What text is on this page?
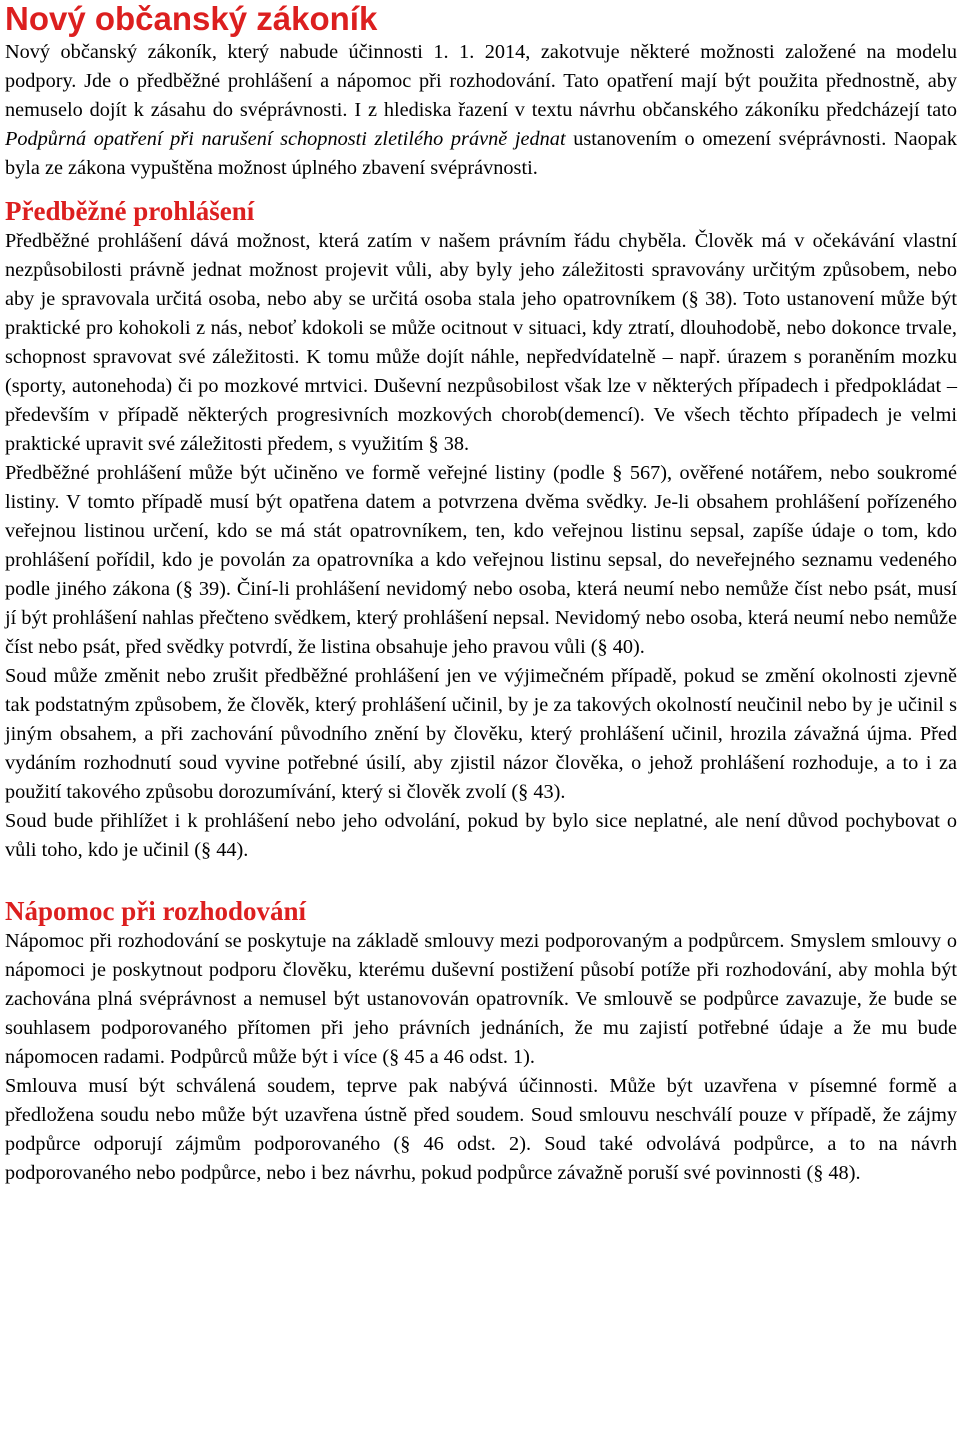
Nový občanský zákoník

Nový občanský zákoník, který nabude účinnosti 1. 1. 2014, zakotvuje některé možnosti založené na modelu podpory. Jde o předběžné prohlášení a nápomoc při rozhodování. Tato opatření mají být použita přednostně, aby nemuselo dojít k zásahu do svéprávnosti. I z hlediska řazení v textu návrhu občanského zákoníku předcházejí tato Podpůrná opatření při narušení schopnosti zletilého právně jednat ustanovením o omezení svéprávnosti. Naopak byla ze zákona vypuštěna možnost úplného zbavení svéprávnosti.

Předběžné prohlášení

Předběžné prohlášení dává možnost, která zatím v našem právním řádu chyběla. Člověk má v očekávání vlastní nezpůsobilosti právně jednat možnost projevit vůli, aby byly jeho záležitosti spravovány určitým způsobem, nebo aby je spravovala určitá osoba, nebo aby se určitá osoba stala jeho opatrovníkem (§ 38). Toto ustanovení může být praktické pro kohokoli z nás, neboť kdokoli se může ocitnout v situaci, kdy ztratí, dlouhodobě, nebo dokonce trvale, schopnost spravovat své záležitosti. K tomu může dojít náhle, nepředvídatelně – např. úrazem s poraněním mozku (sporty, autonehoda) či po mozkové mrtvici. Duševní nezpůsobilost však lze v některých případech i předpokládat – především v případě některých progresivních mozkových chorob(demencí). Ve všech těchto případech je velmi praktické upravit své záležitosti předem, s využitím § 38.

Předběžné prohlášení může být učiněno ve formě veřejné listiny (podle § 567), ověřené notářem, nebo soukromé listiny. V tomto případě musí být opatřena datem a potvrzena dvěma svědky. Je-li obsahem prohlášení pořízeného veřejnou listinou určení, kdo se má stát opatrovníkem, ten, kdo veřejnou listinu sepsal, zapíše údaje o tom, kdo prohlášení pořídil, kdo je povolán za opatrovníka a kdo veřejnou listinu sepsal, do neveřejného seznamu vedeného podle jiného zákona (§ 39). Činí-li prohlášení nevidomý nebo osoba, která neumí nebo nemůže číst nebo psát, musí jí být prohlášení nahlas přečteno svědkem, který prohlášení nepsal. Nevidomý nebo osoba, která neumí nebo nemůže číst nebo psát, před svědky potvrdí, že listina obsahuje jeho pravou vůli (§ 40).

Soud může změnit nebo zrušit předběžné prohlášení jen ve výjimečném případě, pokud se změní okolnosti zjevně tak podstatným způsobem, že člověk, který prohlášení učinil, by je za takových okolností neučinil nebo by je učinil s jiným obsahem, a při zachování původního znění by člověku, který prohlášení učinil, hrozila závažná újma. Před vydáním rozhodnutí soud vyvine potřebné úsilí, aby zjistil názor člověka, o jehož prohlášení rozhoduje, a to i za použití takového způsobu dorozumívání, který si člověk zvolí (§ 43).

Soud bude přihlížet i k prohlášení nebo jeho odvolání, pokud by bylo sice neplatné, ale není důvod pochybovat o vůli toho, kdo je učinil (§ 44).

Nápomoc při rozhodování

Nápomoc při rozhodování se poskytuje na základě smlouvy mezi podporovaným a podpůrcem. Smyslem smlouvy o nápomoci je poskytnout podporu člověku, kterému duševní postižení působí potíže při rozhodování, aby mohla být zachována plná svéprávnost a nemusel být ustanovován opatrovník. Ve smlouvě se podpůrce zavazuje, že bude se souhlasem podporovaného přítomen při jeho právních jednáních, že mu zajistí potřebné údaje a že mu bude nápomocen radami. Podpůrců může být i více (§ 45 a 46 odst. 1).

Smlouva musí být schválená soudem, teprve pak nabývá účinnosti. Může být uzavřena v písemné formě a předložena soudu nebo může být uzavřena ústně před soudem. Soud smlouvu neschválí pouze v případě, že zájmy podpůrce odporují zájmům podporovaného (§ 46 odst. 2). Soud také odvolává podpůrce, a to na návrh podporovaného nebo podpůrce, nebo i bez návrhu, pokud podpůrce závažně poruší své povinnosti (§ 48).
